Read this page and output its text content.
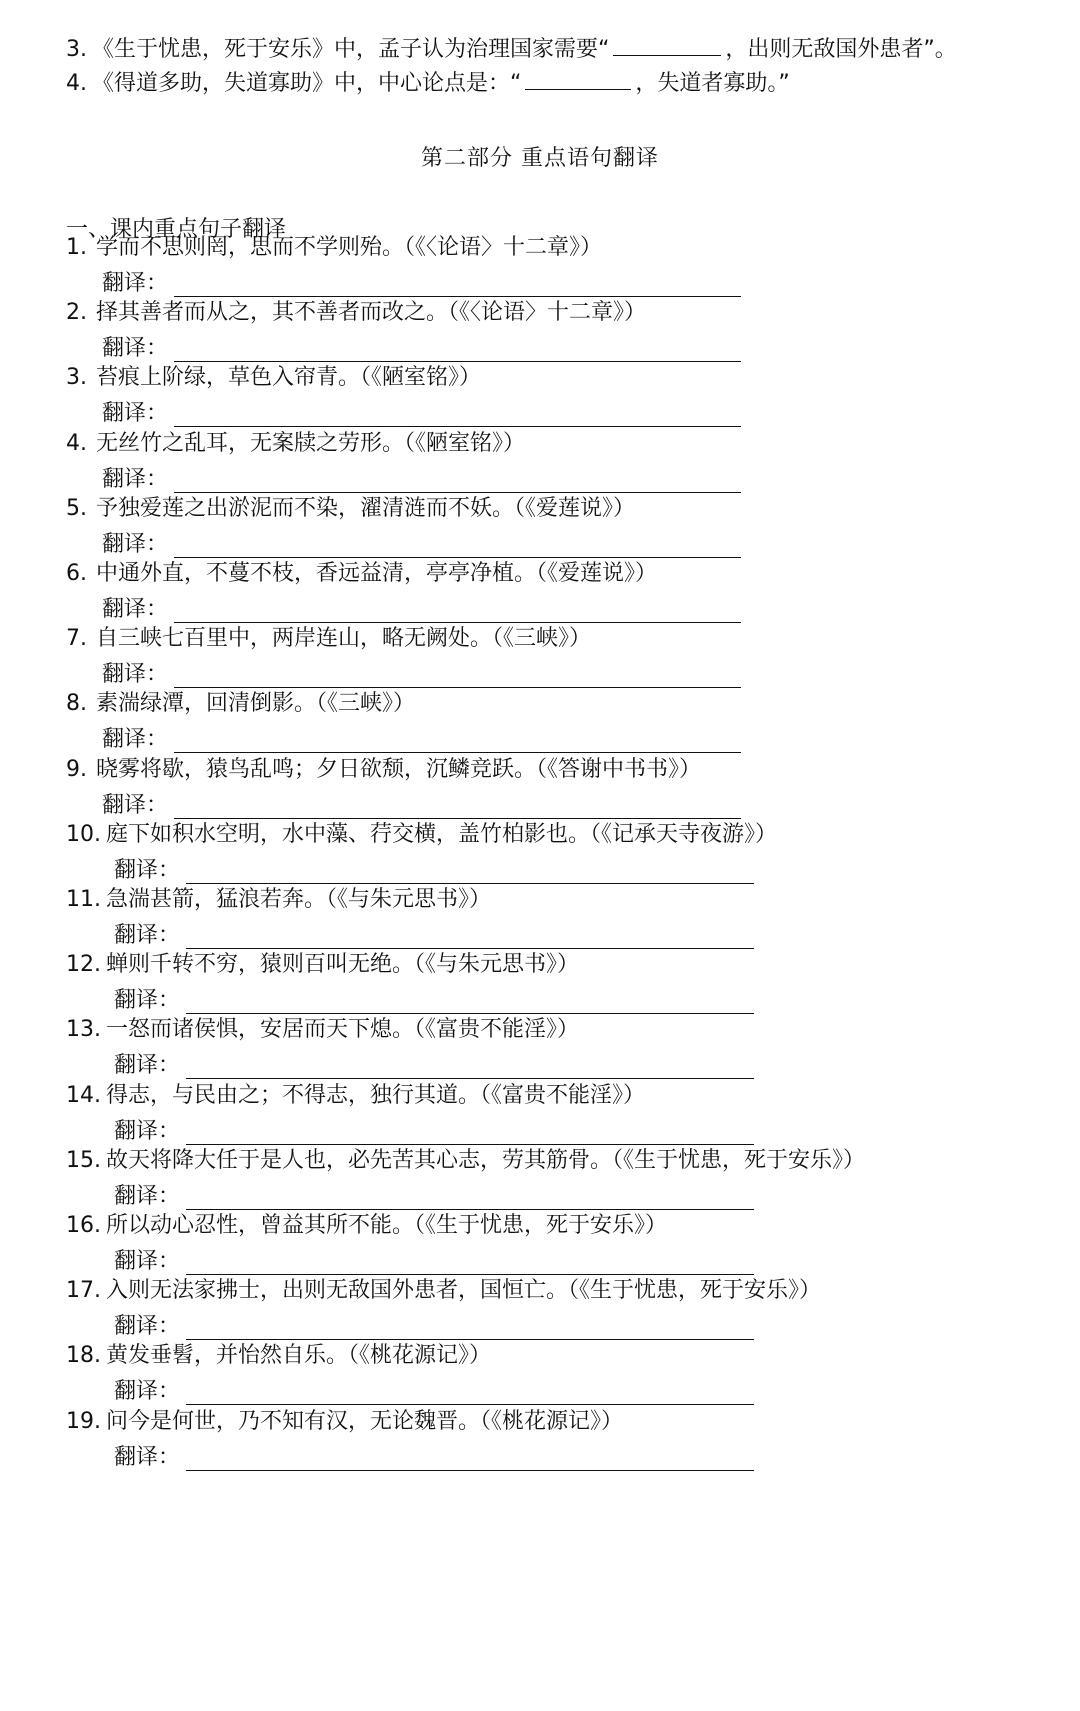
3. 《生于忧患，死于安乐》中，孟子认为治理国家需要“	，出则无敌国外患者”。
4. 《得道多助，失道寡助》中，中心论点是：“	，失道者寡助。”
第二部分 重点语句翻译
一、课内重点句子翻译
1. 学而不思则罔，思而不学则殆。（《〈论语〉十二章》）
翻译：
2. 择其善者而从之，其不善者而改之。（《〈论语〉十二章》）
翻译：
3. 苔痕上阶绿，草色入帘青。（《陋室铭》）
翻译：
4. 无丝竹之乱耳，无案牍之劳形。（《陋室铭》）
翻译：
5. 予独爱莲之出淤泥而不染，濯清涟而不妖。（《爱莲说》）
翻译：
6. 中通外直，不蔓不枝，香远益清，亭亭净植。（《爱莲说》）
翻译：
7. 自三峡七百里中，两岸连山，略无阙处。（《三峡》）
翻译：
8. 素湍绿潭，回清倒影。（《三峡》）
翻译：
9. 晓雾将歇，猿鸟乱鸣；夕日欲颓，沉鳞竞跃。（《答谢中书书》）
翻译：
10. 庭下如积水空明，水中藻、荇交横，盖竹柏影也。（《记承天寺夜游》）
翻译：
11. 急湍甚箭，猛浪若奔。（《与朱元思书》）
翻译：
12. 蝉则千转不穷，猿则百叫无绝。（《与朱元思书》）
翻译：
13. 一怒而诸侯惧，安居而天下熄。（《富贵不能淫》）
翻译：
14. 得志，与民由之；不得志，独行其道。（《富贵不能淫》）
翻译：
15. 故天将降大任于是人也，必先苦其心志，劳其筋骨。（《生于忧患，死于安乐》）
翻译：
16. 所以动心忍性，曾益其所不能。（《生于忧患，死于安乐》）
翻译：
17. 入则无法家拂士，出则无敌国外患者，国恒亡。（《生于忧患，死于安乐》）
翻译：
18. 黄发垂髫，并怡然自乐。（《桃花源记》）
翻译：
19. 问今是何世，乃不知有汉，无论魏晋。（《桃花源记》）
翻译：
